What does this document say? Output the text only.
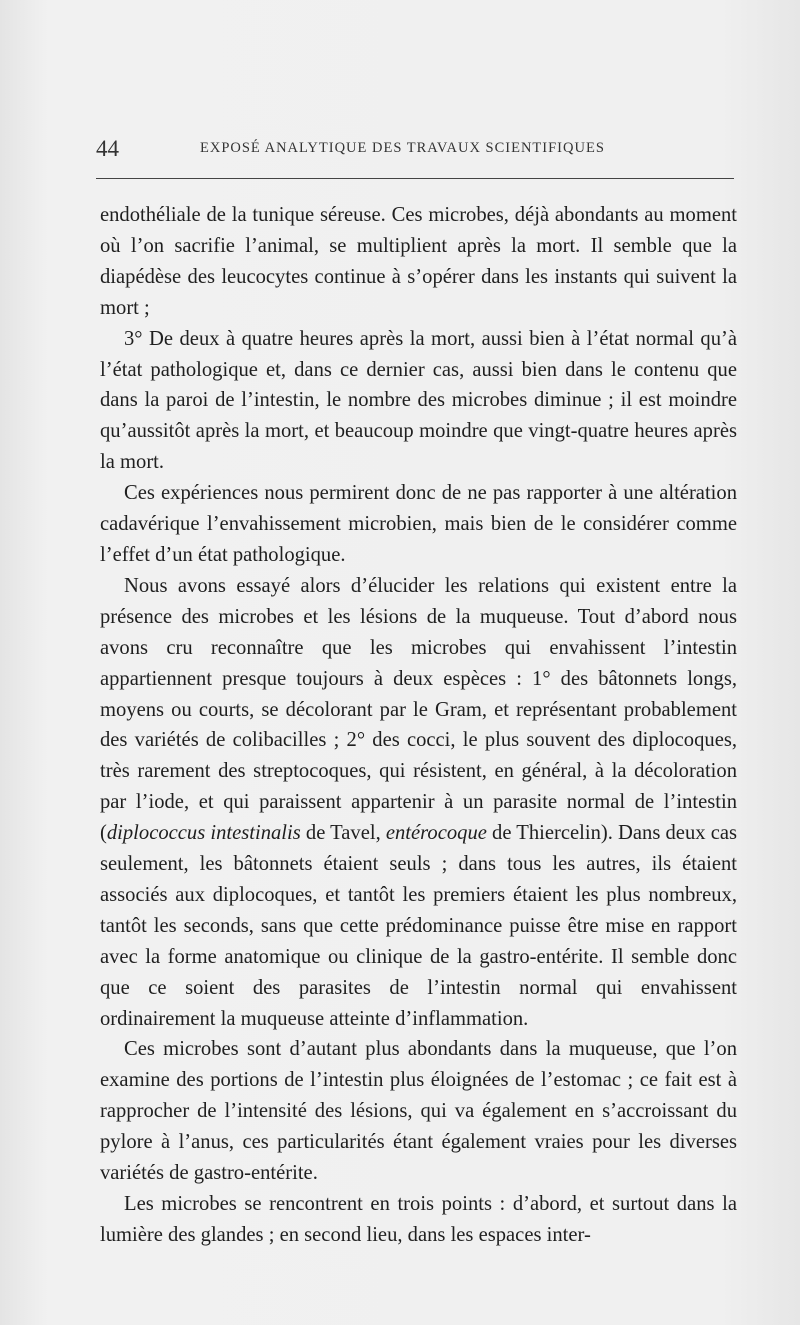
44	EXPOSÉ ANALYTIQUE DES TRAVAUX SCIENTIFIQUES

endothéliale de la tunique séreuse. Ces microbes, déjà abondants au moment où l’on sacrifie l’animal, se multiplient après la mort. Il semble que la diapédèse des leucocytes continue à s’opérer dans les instants qui suivent la mort ;

3° De deux à quatre heures après la mort, aussi bien à l’état normal qu’à l’état pathologique et, dans ce dernier cas, aussi bien dans le contenu que dans la paroi de l’intestin, le nombre des microbes diminue ; il est moindre qu’aussitôt après la mort, et beaucoup moindre que vingt-quatre heures après la mort.

Ces expériences nous permirent donc de ne pas rapporter à une altération cadavérique l’envahissement microbien, mais bien de le considérer comme l’effet d’un état pathologique.

Nous avons essayé alors d’élucider les relations qui existent entre la présence des microbes et les lésions de la muqueuse. Tout d’abord nous avons cru reconnaître que les microbes qui envahissent l’intestin appartiennent presque toujours à deux espèces : 1° des bâtonnets longs, moyens ou courts, se décolorant par le Gram, et représentant probablement des variétés de colibacilles ; 2° des cocci, le plus souvent des diplocoques, très rarement des streptocoques, qui résistent, en général, à la décoloration par l’iode, et qui paraissent appartenir à un parasite normal de l’intestin (diplococcus intestinalis de Tavel, entérocoque de Thiercelin). Dans deux cas seulement, les bâtonnets étaient seuls ; dans tous les autres, ils étaient associés aux diplocoques, et tantôt les premiers étaient les plus nombreux, tantôt les seconds, sans que cette prédominance puisse être mise en rapport avec la forme anatomique ou clinique de la gastro-entérite. Il semble donc que ce soient des parasites de l’intestin normal qui envahissent ordinairement la muqueuse atteinte d’inflammation.

Ces microbes sont d’autant plus abondants dans la muqueuse, que l’on examine des portions de l’intestin plus éloignées de l’estomac ; ce fait est à rapprocher de l’intensité des lésions, qui va également en s’accroissant du pylore à l’anus, ces particularités étant également vraies pour les diverses variétés de gastro-entérite.

Les microbes se rencontrent en trois points : d’abord, et surtout dans la lumière des glandes ; en second lieu, dans les espaces inter-
